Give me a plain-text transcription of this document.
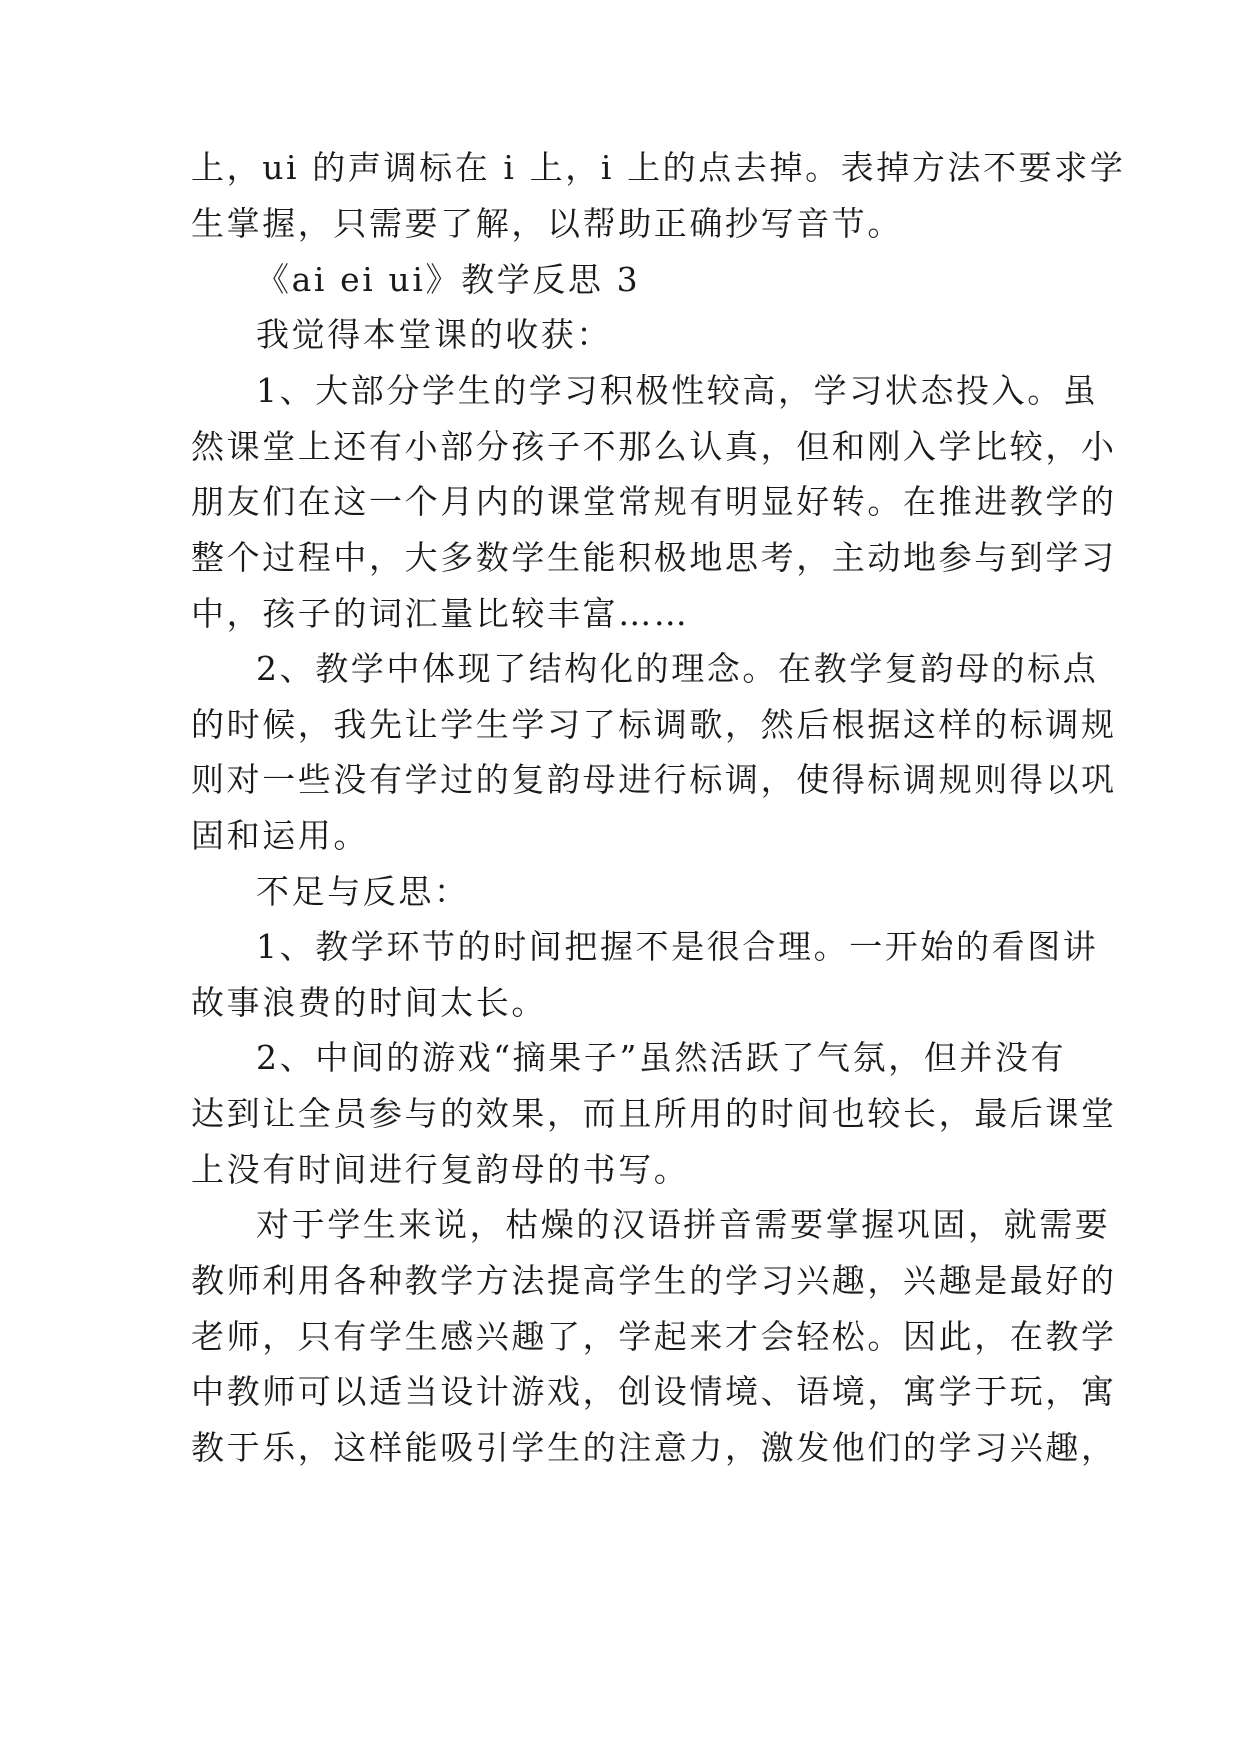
上，ui 的声调标在 i 上，i 上的点去掉。表掉方法不要求学

生掌握，只需要了解，以帮助正确抄写音节。

《ai ei ui》教学反思 3

我觉得本堂课的收获：

1、大部分学生的学习积极性较高，学习状态投入。虽

然课堂上还有小部分孩子不那么认真，但和刚入学比较，小

朋友们在这一个月内的课堂常规有明显好转。在推进教学的

整个过程中，大多数学生能积极地思考，主动地参与到学习

中，孩子的词汇量比较丰富……

2、教学中体现了结构化的理念。在教学复韵母的标点

的时候，我先让学生学习了标调歌，然后根据这样的标调规

则对一些没有学过的复韵母进行标调，使得标调规则得以巩

固和运用。

不足与反思：

1、教学环节的时间把握不是很合理。一开始的看图讲

故事浪费的时间太长。

2、中间的游戏“摘果子”虽然活跃了气氛，但并没有

达到让全员参与的效果，而且所用的时间也较长，最后课堂

上没有时间进行复韵母的书写。

对于学生来说，枯燥的汉语拼音需要掌握巩固，就需要

教师利用各种教学方法提高学生的学习兴趣，兴趣是最好的

老师，只有学生感兴趣了，学起来才会轻松。因此，在教学

中教师可以适当设计游戏，创设情境、语境，寓学于玩，寓

教于乐，这样能吸引学生的注意力，激发他们的学习兴趣，
